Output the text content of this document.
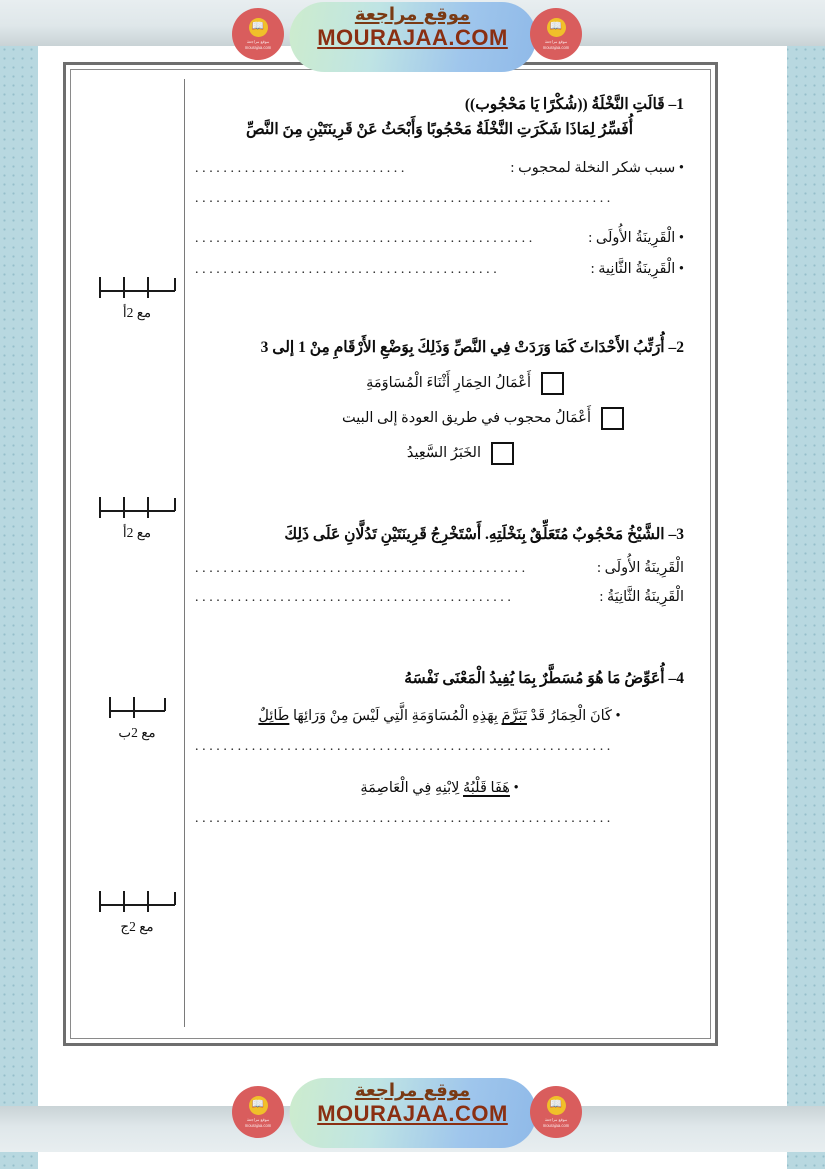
📖
موقع مراجعة
mourajaa.com
📖
موقع مراجعة
mourajaa.com
موقع مراجعة
MOURAJAA.COM
1– قَالَتِ النَّخْلَةُ ((شُكْرًا يَا مَحْجُوب))
أُفَسِّرُ لِمَاذَا شَكَرَتِ النَّخْلَةُ مَحْجُوبًا وَأَبْحَثُ عَنْ قَرِينَتَيْنِ مِنَ النَّصِّ
• سبب شكر النخلة لمحجوب :
..............................
...........................................................
• الْقَرِينَةُ الأُولَى :
................................................
• الْقَرِينَةُ الثَّانِية :
...........................................
2– أُرَتِّبُ الأَحْدَاثَ كَمَا وَرَدَتْ فِي النَّصِّ وَذَلِكَ بِوَضْعِ الأَرْقَامِ مِنْ 1 إلى 3
أَعْمَالُ الحِمَارِ أَثْنَاءَ الْمُسَاوَمَةِ
أَعْمَالُ محجوب في طريق العودة إلى البيت
الخَبَرُ السَّعِيدُ
3– الشَّيْخُ مَحْجُوبٌ مُتَعَلِّقٌ بِنَخْلَتِهِ. أَسْتَخْرِجُ قَرِينَتَيْنِ تَدُلَّانِ عَلَى ذَلِكَ
الْقَرِينَةُ الأُولَى :
...............................................
الْقَرِينَةُ الثَّانِيَةُ :
.............................................
4– أُعَوِّضُ مَا هُوَ مُسَطَّرٌ بِمَا يُفِيدُ الْمَعْنَى نَفْسَهُ
• كَانَ الْحِمَارُ قَدْ تَبَرَّمَ بِهَذِهِ الْمُسَاوَمَةِ الَّتِي لَيْسَ مِنْ وَرَائِهَا طَائِلٌ
...........................................................
• هَفَا قَلْبُهُ لِابْنِهِ فِي الْعَاصِمَةِ
...........................................................
مع 2أ
مع 2أ
مع 2ب
مع 2ج
📖
موقع مراجعة
mourajaa.com
📖
موقع مراجعة
mourajaa.com
موقع مراجعة
MOURAJAA.COM
